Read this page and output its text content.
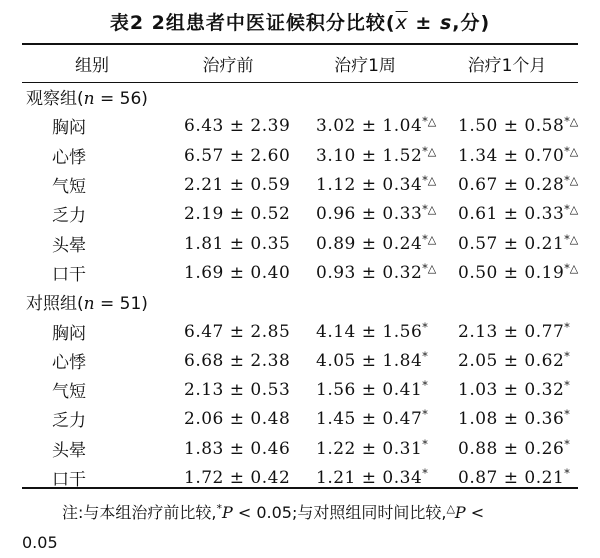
表2 2组患者中医证候积分比较($\overline{x} \pm s$,分)
组别	治疗前	治疗1周	治疗1个月
观察组(n = 56)			
胸闷	6.43 ± 2.39	3.02 ± 1.04*△	1.50 ± 0.58*△
心悸	6.57 ± 2.60	3.10 ± 1.52*△	1.34 ± 0.70*△
气短	2.21 ± 0.59	1.12 ± 0.34*△	0.67 ± 0.28*△
乏力	2.19 ± 0.52	0.96 ± 0.33*△	0.61 ± 0.33*△
头晕	1.81 ± 0.35	0.89 ± 0.24*△	0.57 ± 0.21*△
口干	1.69 ± 0.40	0.93 ± 0.32*△	0.50 ± 0.19*△
对照组(n = 51)			
胸闷	6.47 ± 2.85	4.14 ± 1.56*	2.13 ± 0.77*
心悸	6.68 ± 2.38	4.05 ± 1.84*	2.05 ± 0.62*
气短	2.13 ± 0.53	1.56 ± 0.41*	1.03 ± 0.32*
乏力	2.06 ± 0.48	1.45 ± 0.47*	1.08 ± 0.36*
头晕	1.83 ± 0.46	1.22 ± 0.31*	0.88 ± 0.26*
口干	1.72 ± 0.42	1.21 ± 0.34*	0.87 ± 0.21*
注:与本组治疗前比较,*P < 0.05;与对照组同时间比较,△P <
0.05
